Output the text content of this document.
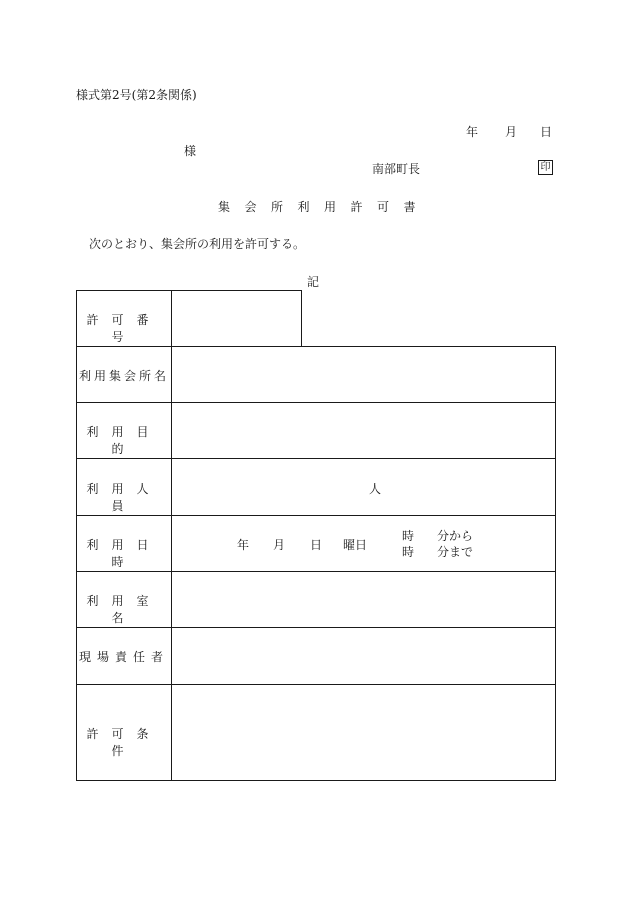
様式第2号(第2条関係)
年 月 日
様
南部町長	印
集会所利用許可書
次のとおり、集会所の利用を許可する。
記
許可番号
利用集会所名
利用目的
利用人員
利用日時
利用室名
現場責任者
許可条件
人
年 月 日 曜日
時 分から
時 分まで
